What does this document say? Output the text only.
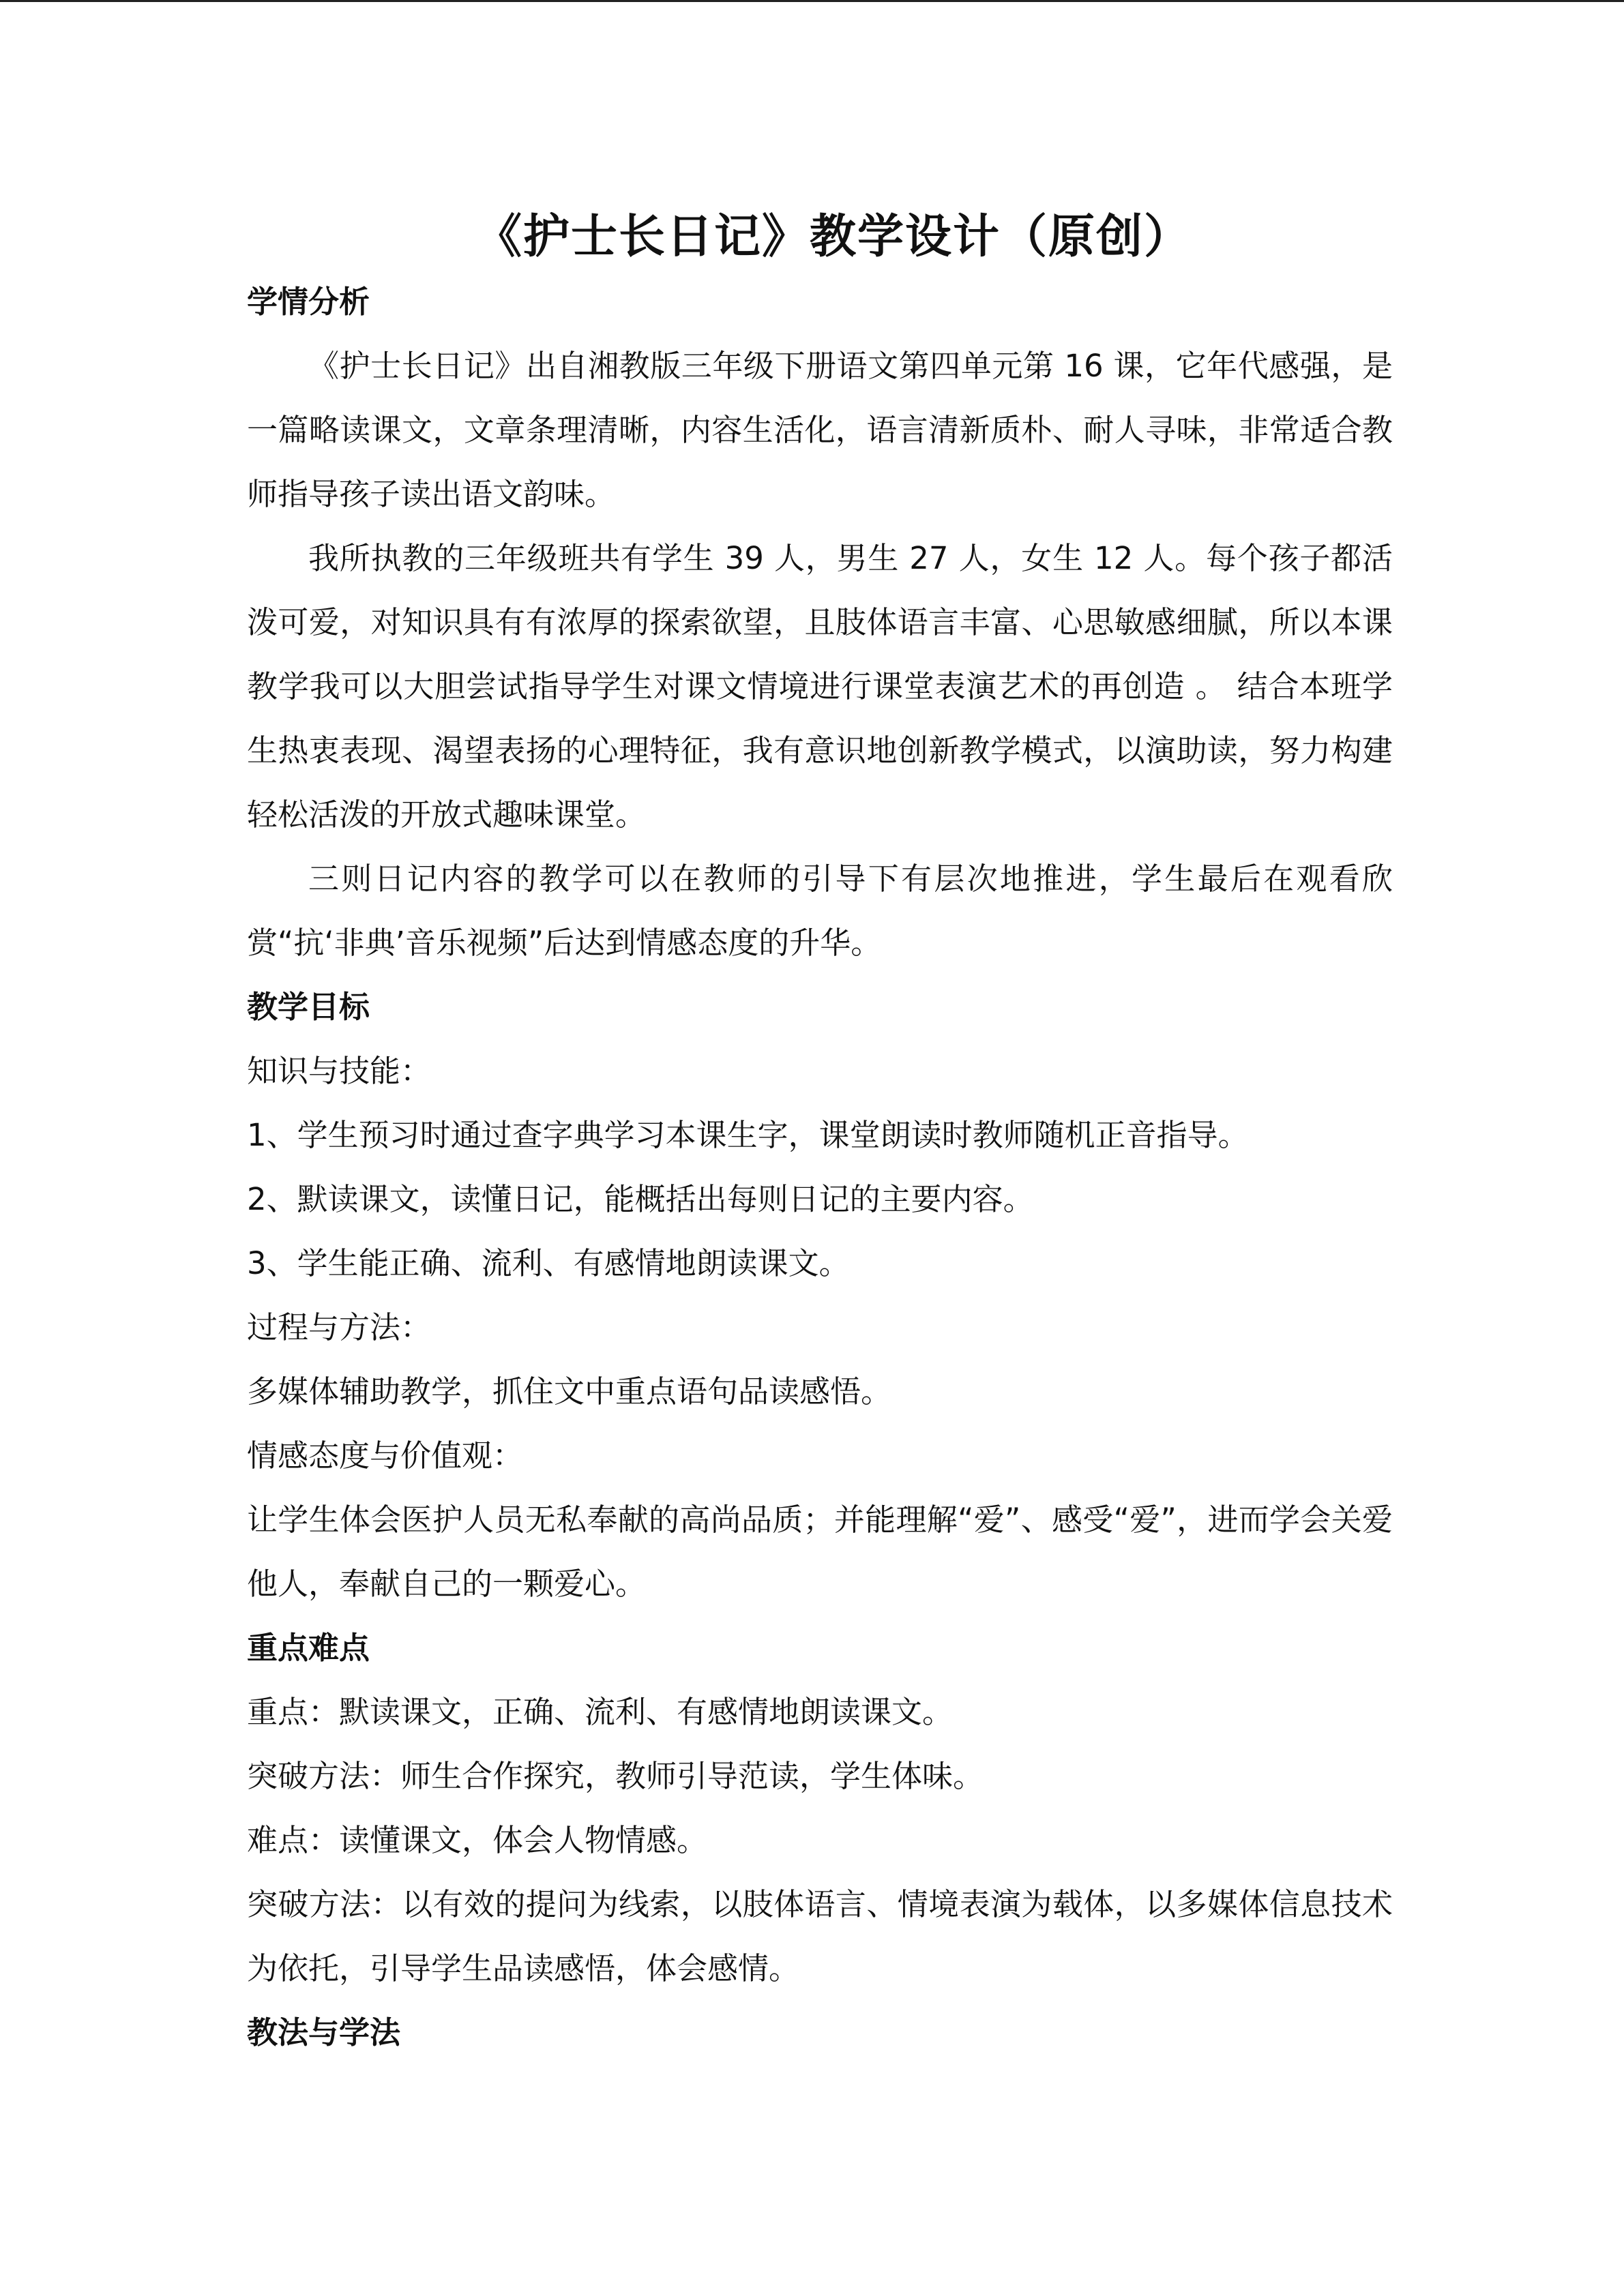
《护士长日记》教学设计（原创）
学情分析

《护士长日记》出自湘教版三年级下册语文第四单元第 16 课，它年代感强，是一篇略读课文，文章条理清晰，内容生活化，语言清新质朴、耐人寻味，非常适合教师指导孩子读出语文韵味。

我所执教的三年级班共有学生 39 人，男生 27 人，女生 12 人。每个孩子都活泼可爱，对知识具有有浓厚的探索欲望，且肢体语言丰富、心思敏感细腻，所以本课教学我可以大胆尝试指导学生对课文情境进行课堂表演艺术的再创造 。 结合本班学生热衷表现、渴望表扬的心理特征，我有意识地创新教学模式，以演助读，努力构建轻松活泼的开放式趣味课堂。

三则日记内容的教学可以在教师的引导下有层次地推进，学生最后在观看欣赏“抗‘非典’音乐视频”后达到情感态度的升华。

教学目标
知识与技能：
1、学生预习时通过查字典学习本课生字，课堂朗读时教师随机正音指导。
2、默读课文，读懂日记，能概括出每则日记的主要内容。
3、学生能正确、流利、有感情地朗读课文。
过程与方法：
多媒体辅助教学，抓住文中重点语句品读感悟。
情感态度与价值观：

让学生体会医护人员无私奉献的高尚品质；并能理解“爱”、感受“爱”，进而学会关爱他人，奉献自己的一颗爱心。

重点难点
重点：默读课文，正确、流利、有感情地朗读课文。
突破方法：师生合作探究，教师引导范读，学生体味。
难点：读懂课文，体会人物情感。

突破方法：以有效的提问为线索，以肢体语言、情境表演为载体，以多媒体信息技术为依托，引导学生品读感悟，体会感情。

教法与学法
